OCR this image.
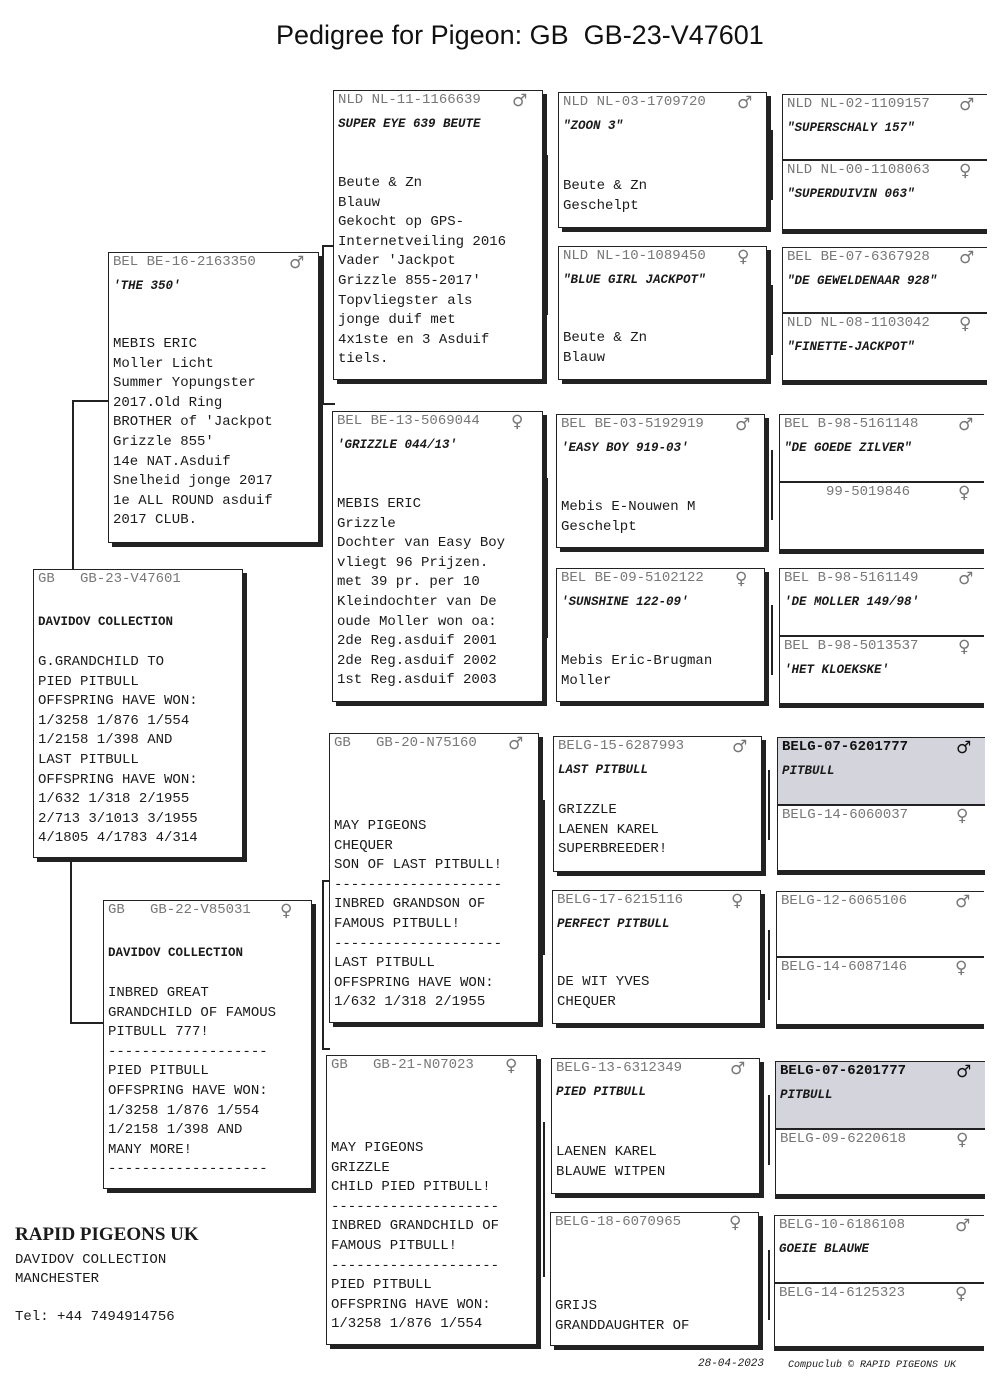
Pedigree for Pigeon: GB  GB-23-V47601
GB   GB-23-V47601
DAVIDOV COLLECTION
G.GRANDCHILD TO
PIED PITBULL
OFFSPRING HAVE WON:
1/3258 1/876 1/554
1/2158 1/398 AND
LAST PITBULL
OFFSPRING HAVE WON:
1/632 1/318 2/1955
2/713 3/1013 3/1955
4/1805 4/1783 4/314
BEL BE-16-2163350 ♂
'THE 350'
MEBIS ERIC
Moller Licht
Summer Yopungster
2017.Old Ring
BROTHER of 'Jackpot
Grizzle 855'
14e NAT.Asduif
Snelheid jonge 2017
1e ALL ROUND asduif
2017 CLUB.
GB   GB-22-V85031 ♀
DAVIDOV COLLECTION
INBRED GREAT
GRANDCHILD OF FAMOUS
PITBULL 777!
-------------------
PIED PITBULL
OFFSPRING HAVE WON:
1/3258 1/876 1/554
1/2158 1/398 AND
MANY MORE!
-------------------
NLD NL-11-1166639 ♂
SUPER EYE 639 BEUTE
Beute & Zn
Blauw
Gekocht op GPS-
Internetveiling 2016
Vader 'Jackpot
Grizzle 855-2017'
Topvliegster als
jonge duif met
4x1ste en 3 Asduif
tiels.
BEL BE-13-5069044 ♀
'GRIZZLE 044/13'
MEBIS ERIC
Grizzle
Dochter van Easy Boy
vliegt 96 Prijzen.
met 39 pr. per 10
Kleindochter van De
oude Moller won oa:
2de Reg.asduif 2001
2de Reg.asduif 2002
1st Reg.asduif 2003
GB   GB-20-N75160 ♂
MAY PIGEONS
CHEQUER
SON OF LAST PITBULL!
--------------------
INBRED GRANDSON OF
FAMOUS PITBULL!
--------------------
LAST PITBULL
OFFSPRING HAVE WON:
1/632 1/318 2/1955
GB   GB-21-N07023 ♀
MAY PIGEONS
GRIZZLE
CHILD PIED PITBULL!
--------------------
INBRED GRANDCHILD OF
FAMOUS PITBULL!
--------------------
PIED PITBULL
OFFSPRING HAVE WON:
1/3258 1/876 1/554
NLD NL-03-1709720 ♂
"ZOON 3"
Beute & Zn
Geschelpt
NLD NL-10-1089450 ♀
"BLUE GIRL JACKPOT"
Beute & Zn
Blauw
BEL BE-03-5192919 ♂
'EASY BOY 919-03'
Mebis E-Nouwen M
Geschelpt
BEL BE-09-5102122 ♀
'SUNSHINE 122-09'
Mebis Eric-Brugman
Moller
BELG-15-6287993	♂
LAST PITBULL
GRIZZLE
LAENEN KAREL
SUPERBREEDER!
BELG-17-6215116	♀
PERFECT PITBULL
DE WIT YVES
CHEQUER
BELG-13-6312349	♂
PIED PITBULL
LAENEN KAREL
BLAUWE WITPEN
BELG-18-6070965	♀
GRIJS
GRANDDAUGHTER OF
NLD NL-02-1109157 ♂
"SUPERSCHALY 157"
NLD NL-00-1108063 ♀
"SUPERDUIVIN 063"
BEL BE-07-6367928 ♂
"DE GEWELDENAAR 928"
NLD NL-08-1103042 ♀
"FINETTE-JACKPOT"
BEL B-98-5161148 ♂
"DE GOEDE ZILVER"
99-5019846	♀
BEL B-98-5161149 ♂
'DE MOLLER 149/98'
BEL B-98-5013537 ♀
'HET KLOEKSKE'
BELG-07-6201777	♂
PITBULL
BELG-14-6060037	♀
BELG-12-6065106	♂
BELG-14-6087146	♀
BELG-07-6201777	♂
PITBULL
BELG-09-6220618	♀
BELG-10-6186108	♂
GOEIE BLAUWE
BELG-14-6125323	♀
RAPID PIGEONS UK
DAVIDOV COLLECTION
MANCHESTER
Tel: +44 7494914756
28-04-2023 Compuclub © RAPID PIGEONS UK
